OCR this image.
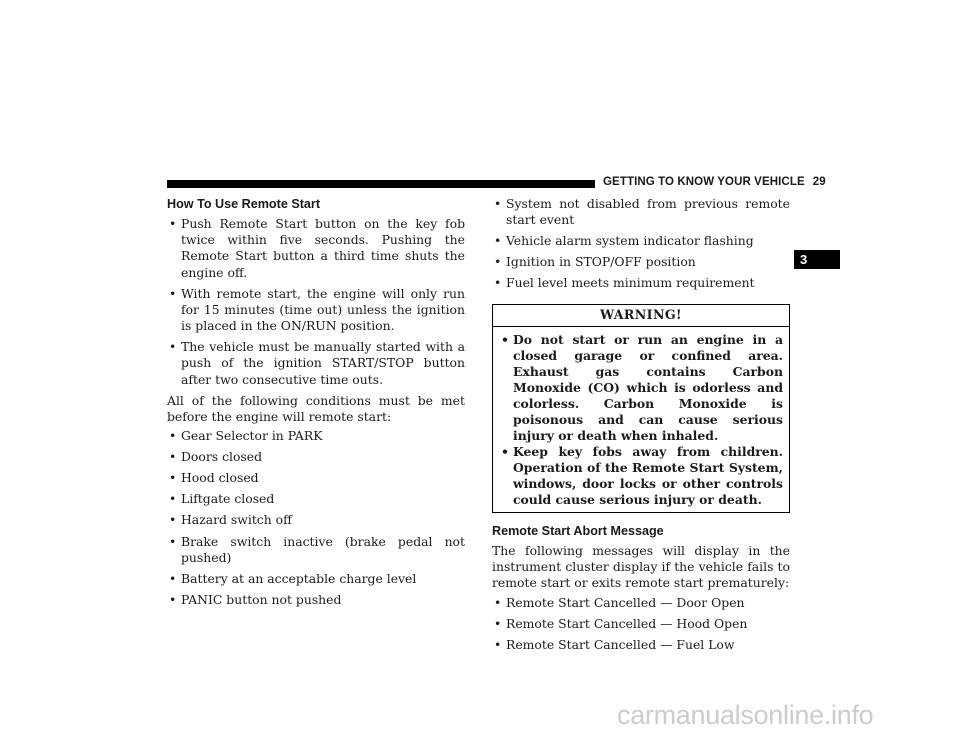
GETTING TO KNOW YOUR VEHICLE 29
3
How To Use Remote Start
• Push Remote Start button on the key fob twice within five seconds. Pushing the Remote Start button a third time shuts the engine off.
• With remote start, the engine will only run for 15 minutes (time out) unless the ignition is placed in the ON/RUN position.
• The vehicle must be manually started with a push of the ignition START/STOP button after two consecutive time outs.

All of the following conditions must be met before the engine will remote start:

• Gear Selector in PARK
• Doors closed
• Hood closed
• Liftgate closed
• Hazard switch off
• Brake switch inactive (brake pedal not pushed)
• Battery at an acceptable charge level
• PANIC button not pushed
• System not disabled from previous remote start event
• Vehicle alarm system indicator flashing
• Ignition in STOP/OFF position
• Fuel level meets minimum requirement
WARNING!
• Do not start or run an engine in a closed garage or confined area. Exhaust gas contains Carbon Monoxide (CO) which is odorless and colorless. Carbon Monoxide is poisonous and can cause serious injury or death when inhaled.
• Keep key fobs away from children. Operation of the Remote Start System, windows, door locks or other controls could cause serious injury or death.
Remote Start Abort Message

The following messages will display in the instrument cluster display if the vehicle fails to remote start or exits remote start prematurely:

• Remote Start Cancelled — Door Open
• Remote Start Cancelled — Hood Open
• Remote Start Cancelled — Fuel Low
carmanualsonline.info
